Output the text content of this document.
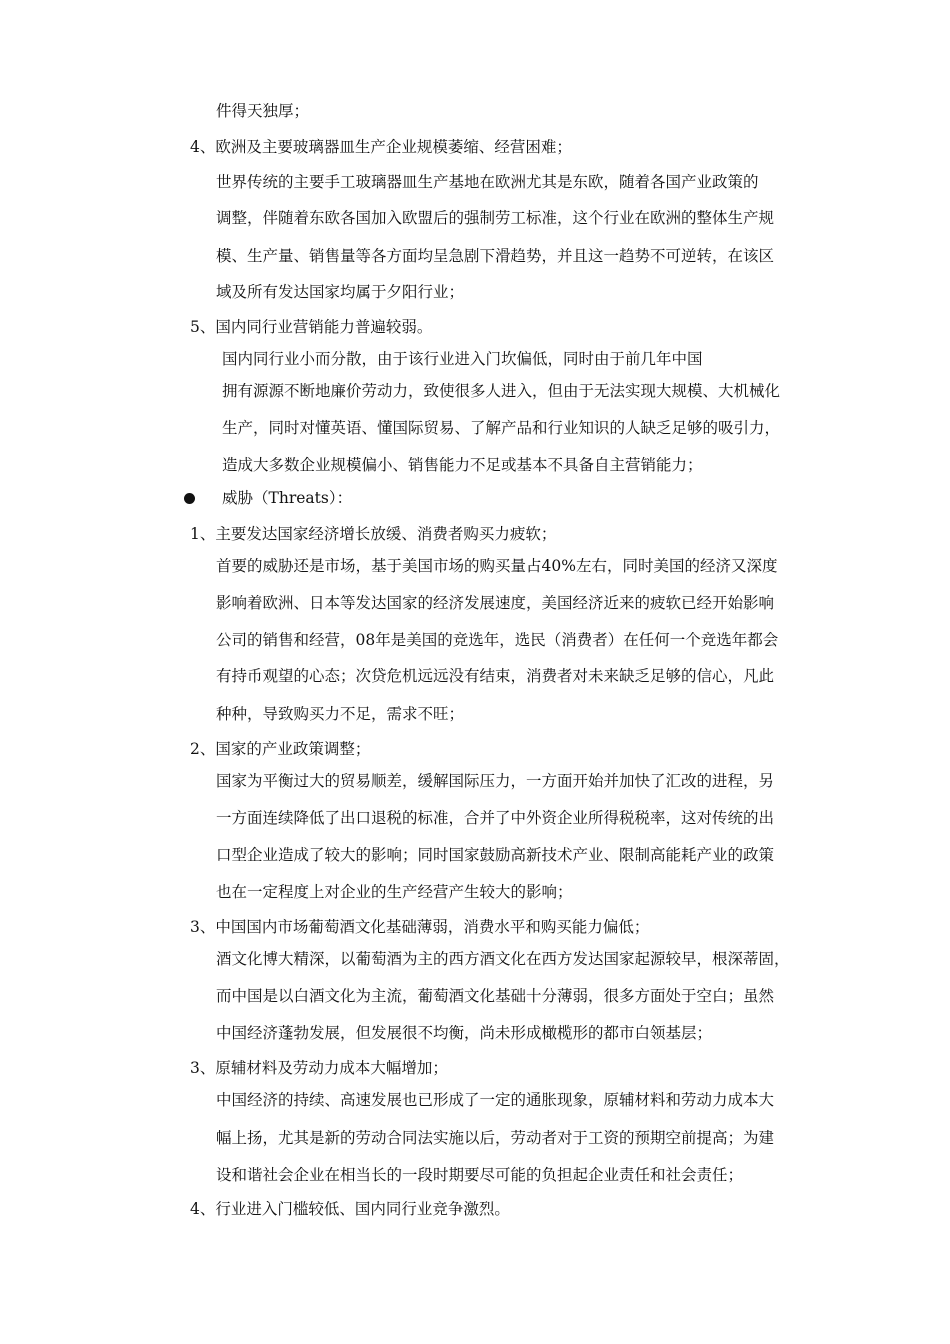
件得天独厚；
4、欧洲及主要玻璃器皿生产企业规模萎缩、经营困难；
世界传统的主要手工玻璃器皿生产基地在欧洲尤其是东欧，随着各国产业政策的
调整，伴随着东欧各国加入欧盟后的强制劳工标准，这个行业在欧洲的整体生产规
模、生产量、销售量等各方面均呈急剧下滑趋势，并且这一趋势不可逆转，在该区
域及所有发达国家均属于夕阳行业；
5、国内同行业营销能力普遍较弱。
国内同行业小而分散，由于该行业进入门坎偏低，同时由于前几年中国
拥有源源不断地廉价劳动力，致使很多人进入，但由于无法实现大规模、大机械化
生产，同时对懂英语、懂国际贸易、了解产品和行业知识的人缺乏足够的吸引力，
造成大多数企业规模偏小、销售能力不足或基本不具备自主营销能力；
威胁（Threats）：
1、主要发达国家经济增长放缓、消费者购买力疲软；
首要的威胁还是市场，基于美国市场的购买量占40%左右，同时美国的经济又深度
影响着欧洲、日本等发达国家的经济发展速度，美国经济近来的疲软已经开始影响
公司的销售和经营，08年是美国的竞选年，选民（消费者）在任何一个竞选年都会
有持币观望的心态；次贷危机远远没有结束，消费者对未来缺乏足够的信心，凡此
种种，导致购买力不足，需求不旺；
2、国家的产业政策调整；
国家为平衡过大的贸易顺差，缓解国际压力，一方面开始并加快了汇改的进程，另
一方面连续降低了出口退税的标准，合并了中外资企业所得税税率，这对传统的出
口型企业造成了较大的影响；同时国家鼓励高新技术产业、限制高能耗产业的政策
也在一定程度上对企业的生产经营产生较大的影响；
3、中国国内市场葡萄酒文化基础薄弱，消费水平和购买能力偏低；
酒文化博大精深，以葡萄酒为主的西方酒文化在西方发达国家起源较早，根深蒂固，
而中国是以白酒文化为主流，葡萄酒文化基础十分薄弱，很多方面处于空白；虽然
中国经济蓬勃发展，但发展很不均衡，尚未形成橄榄形的都市白领基层；
3、原辅材料及劳动力成本大幅增加；
中国经济的持续、高速发展也已形成了一定的通胀现象，原辅材料和劳动力成本大
幅上扬，尤其是新的劳动合同法实施以后，劳动者对于工资的预期空前提高；为建
设和谐社会企业在相当长的一段时期要尽可能的负担起企业责任和社会责任；
4、行业进入门槛较低、国内同行业竞争激烈。
